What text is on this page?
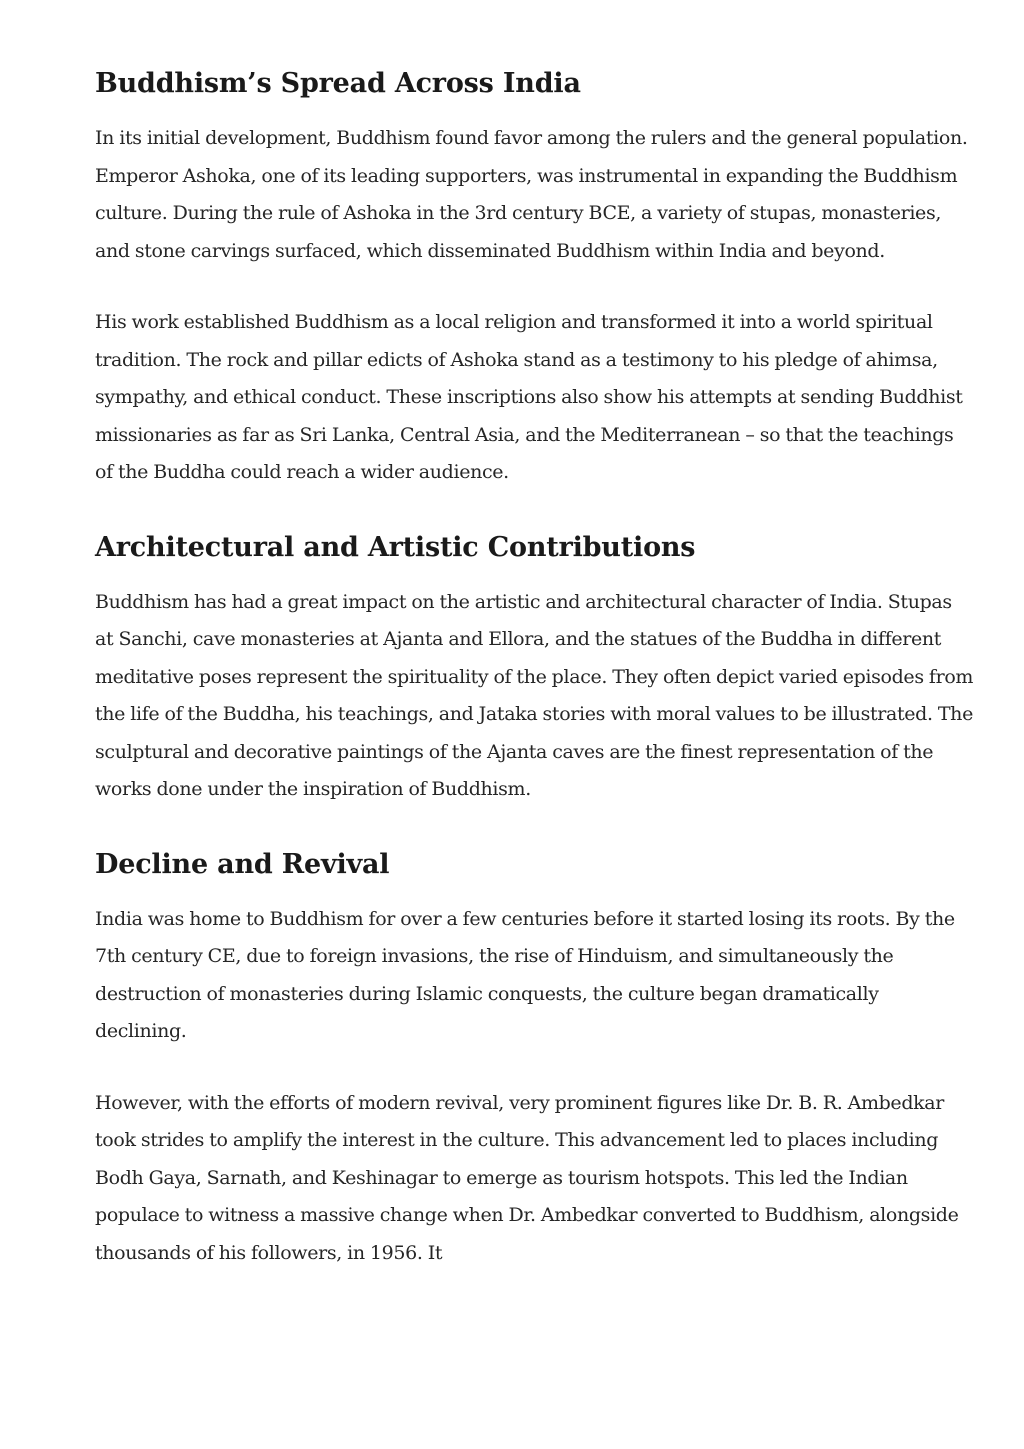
Buddhism’s Spread Across India

In its initial development, Buddhism found favor among the rulers and the general population. Emperor Ashoka, one of its leading supporters, was instrumental in expanding the Buddhism culture. During the rule of Ashoka in the 3rd century BCE, a variety of stupas, monasteries, and stone carvings surfaced, which disseminated Buddhism within India and beyond.

His work established Buddhism as a local religion and transformed it into a world spiritual tradition. The rock and pillar edicts of Ashoka stand as a testimony to his pledge of ahimsa, sympathy, and ethical conduct. These inscriptions also show his attempts at sending Buddhist missionaries as far as Sri Lanka, Central Asia, and the Mediterranean – so that the teachings of the Buddha could reach a wider audience.

Architectural and Artistic Contributions

Buddhism has had a great impact on the artistic and architectural character of India. Stupas at Sanchi, cave monasteries at Ajanta and Ellora, and the statues of the Buddha in different meditative poses represent the spirituality of the place. They often depict varied episodes from the life of the Buddha, his teachings, and Jataka stories with moral values to be illustrated. The sculptural and decorative paintings of the Ajanta caves are the finest representation of the works done under the inspiration of Buddhism.

Decline and Revival

India was home to Buddhism for over a few centuries before it started losing its roots. By the 7th century CE, due to foreign invasions, the rise of Hinduism, and simultaneously the destruction of monasteries during Islamic conquests, the culture began dramatically declining.

However, with the efforts of modern revival, very prominent figures like Dr. B. R. Ambedkar took strides to amplify the interest in the culture. This advancement led to places including Bodh Gaya, Sarnath, and Keshinagar to emerge as tourism hotspots. This led the Indian populace to witness a massive change when Dr. Ambedkar converted to Buddhism, alongside thousands of his followers, in 1956. It
